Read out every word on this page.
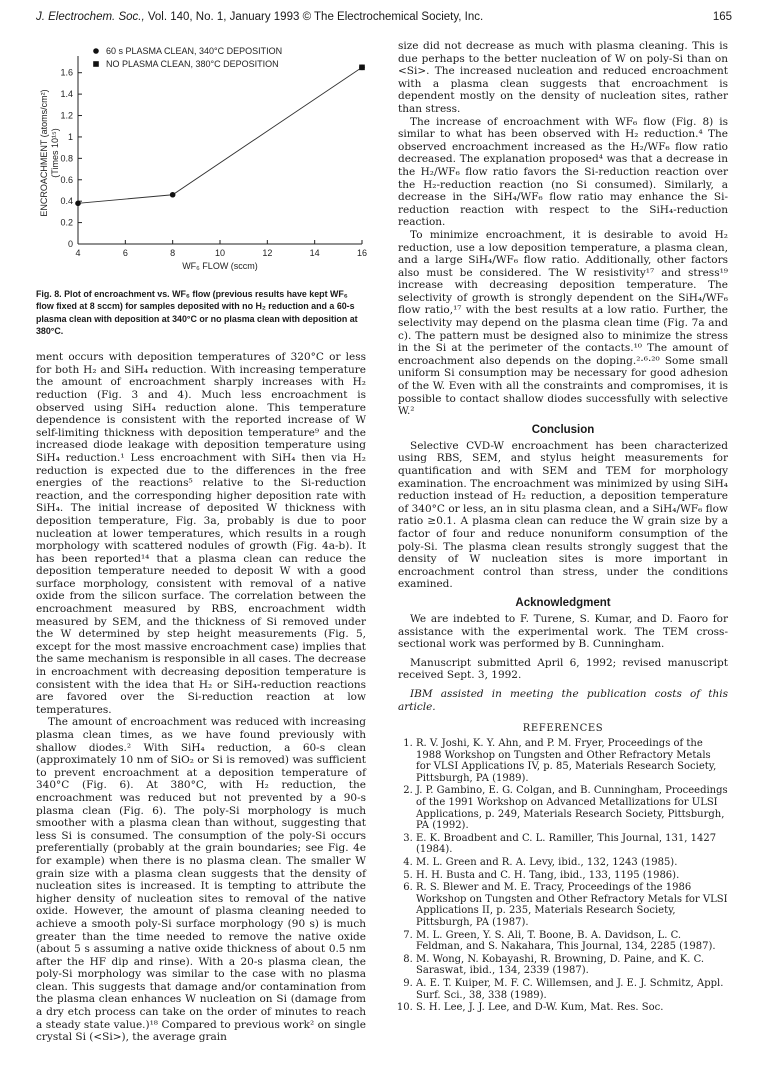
J. Electrochem. Soc., Vol. 140, No. 1, January 1993 © The Electrochemical Society, Inc.	165
0
0.2
0.4
0.6
0.8
1
1.2
1.4
1.6
4	6	8	10	12	14	16
WF₆ FLOW (sccm)
ENCROACHMENT (atoms/cm²) (Times 10¹⁵)
60 s PLASMA CLEAN, 340°C DEPOSITION
NO PLASMA CLEAN, 380°C DEPOSITION
Fig. 8. Plot of encroachment vs. WF₆ flow (previous results have kept WF₆ flow fixed at 8 sccm) for samples deposited with no H₂ reduction and a 60-s plasma clean with deposition at 340°C or no plasma clean with deposition at 380°C.

ment occurs with deposition temperatures of 320°C or less for both H₂ and SiH₄ reduction. With increasing temperature the amount of encroachment sharply increases with H₂ reduction (Fig. 3 and 4). Much less encroachment is observed using SiH₄ reduction alone. This temperature dependence is consistent with the reported increase of W self-limiting thickness with deposition temperature⁹ and the increased diode leakage with deposition temperature using SiH₄ reduction.¹ Less encroachment with SiH₄ then via H₂ reduction is expected due to the differences in the free energies of the reactions⁵ relative to the Si-reduction reaction, and the corresponding higher deposition rate with SiH₄. The initial increase of deposited W thickness with deposition temperature, Fig. 3a, probably is due to poor nucleation at lower temperatures, which results in a rough morphology with scattered nodules of growth (Fig. 4a-b). It has been reported¹⁴ that a plasma clean can reduce the deposition temperature needed to deposit W with a good surface morphology, consistent with removal of a native oxide from the silicon surface. The correlation between the encroachment measured by RBS, encroachment width measured by SEM, and the thickness of Si removed under the W determined by step height measurements (Fig. 5, except for the most massive encroachment case) implies that the same mechanism is responsible in all cases. The decrease in encroachment with decreasing deposition temperature is consistent with the idea that H₂ or SiH₄-reduction reactions are favored over the Si-reduction reaction at low temperatures.

The amount of encroachment was reduced with increasing plasma clean times, as we have found previously with shallow diodes.² With SiH₄ reduction, a 60-s clean (approximately 10 nm of SiO₂ or Si is removed) was sufficient to prevent encroachment at a deposition temperature of 340°C (Fig. 6). At 380°C, with H₂ reduction, the encroachment was reduced but not prevented by a 90-s plasma clean (Fig. 6). The poly-Si morphology is much smoother with a plasma clean than without, suggesting that less Si is consumed. The consumption of the poly-Si occurs preferentially (probably at the grain boundaries; see Fig. 4e for example) when there is no plasma clean. The smaller W grain size with a plasma clean suggests that the density of nucleation sites is increased. It is tempting to attribute the higher density of nucleation sites to removal of the native oxide. However, the amount of plasma cleaning needed to achieve a smooth poly-Si surface morphology (90 s) is much greater than the time needed to remove the native oxide (about 5 s assuming a native oxide thickness of about 0.5 nm after the HF dip and rinse). With a 20-s plasma clean, the poly-Si morphology was similar to the case with no plasma clean. This suggests that damage and/or contamination from the plasma clean enhances W nucleation on Si (damage from a dry etch process can take on the order of minutes to reach a steady state value.)¹⁸ Compared to previous work² on single crystal Si (<Si>), the average grain

size did not decrease as much with plasma cleaning. This is due perhaps to the better nucleation of W on poly-Si than on <Si>. The increased nucleation and reduced encroachment with a plasma clean suggests that encroachment is dependent mostly on the density of nucleation sites, rather than stress.

The increase of encroachment with WF₆ flow (Fig. 8) is similar to what has been observed with H₂ reduction.⁴ The observed encroachment increased as the H₂/WF₆ flow ratio decreased. The explanation proposed⁴ was that a decrease in the H₂/WF₆ flow ratio favors the Si-reduction reaction over the H₂-reduction reaction (no Si consumed). Similarly, a decrease in the SiH₄/WF₆ flow ratio may enhance the Si-reduction reaction with respect to the SiH₄-reduction reaction.

To minimize encroachment, it is desirable to avoid H₂ reduction, use a low deposition temperature, a plasma clean, and a large SiH₄/WF₆ flow ratio. Additionally, other factors also must be considered. The W resistivity¹⁷ and stress¹⁹ increase with decreasing deposition temperature. The selectivity of growth is strongly dependent on the SiH₄/WF₆ flow ratio,¹⁷ with the best results at a low ratio. Further, the selectivity may depend on the plasma clean time (Fig. 7a and c). The pattern must be designed also to minimize the stress in the Si at the perimeter of the contacts.¹⁰ The amount of encroachment also depends on the doping.²·⁶·²⁰ Some small uniform Si consumption may be necessary for good adhesion of the W. Even with all the constraints and compromises, it is possible to contact shallow diodes successfully with selective W.²

Conclusion

Selective CVD-W encroachment has been characterized using RBS, SEM, and stylus height measurements for quantification and with SEM and TEM for morphology examination. The encroachment was minimized by using SiH₄ reduction instead of H₂ reduction, a deposition temperature of 340°C or less, an in situ plasma clean, and a SiH₄/WF₆ flow ratio ≥0.1. A plasma clean can reduce the W grain size by a factor of four and reduce nonuniform consumption of the poly-Si. The plasma clean results strongly suggest that the density of W nucleation sites is more important in encroachment control than stress, under the conditions examined.

Acknowledgment

We are indebted to F. Turene, S. Kumar, and D. Faoro for assistance with the experimental work. The TEM cross-sectional work was performed by B. Cunningham.

Manuscript submitted April 6, 1992; revised manuscript received Sept. 3, 1992.

IBM assisted in meeting the publication costs of this article.

REFERENCES
1. R. V. Joshi, K. Y. Ahn, and P. M. Fryer, Proceedings of the 1988 Workshop on Tungsten and Other Refractory Metals for VLSI Applications IV, p. 85, Materials Research Society, Pittsburgh, PA (1989).
2. J. P. Gambino, E. G. Colgan, and B. Cunningham, Proceedings of the 1991 Workshop on Advanced Metallizations for ULSI Applications, p. 249, Materials Research Society, Pittsburgh, PA (1992).
3. E. K. Broadbent and C. L. Ramiller, This Journal, 131, 1427 (1984).
4. M. L. Green and R. A. Levy, ibid., 132, 1243 (1985).
5. H. H. Busta and C. H. Tang, ibid., 133, 1195 (1986).
6. R. S. Blewer and M. E. Tracy, Proceedings of the 1986 Workshop on Tungsten and Other Refractory Metals for VLSI Applications II, p. 235, Materials Research Society, Pittsburgh, PA (1987).
7. M. L. Green, Y. S. Ali, T. Boone, B. A. Davidson, L. C. Feldman, and S. Nakahara, This Journal, 134, 2285 (1987).
8. M. Wong, N. Kobayashi, R. Browning, D. Paine, and K. C. Saraswat, ibid., 134, 2339 (1987).
9. A. E. T. Kuiper, M. F. C. Willemsen, and J. E. J. Schmitz, Appl. Surf. Sci., 38, 338 (1989).
10. S. H. Lee, J. J. Lee, and D-W. Kum, Mat. Res. Soc.
